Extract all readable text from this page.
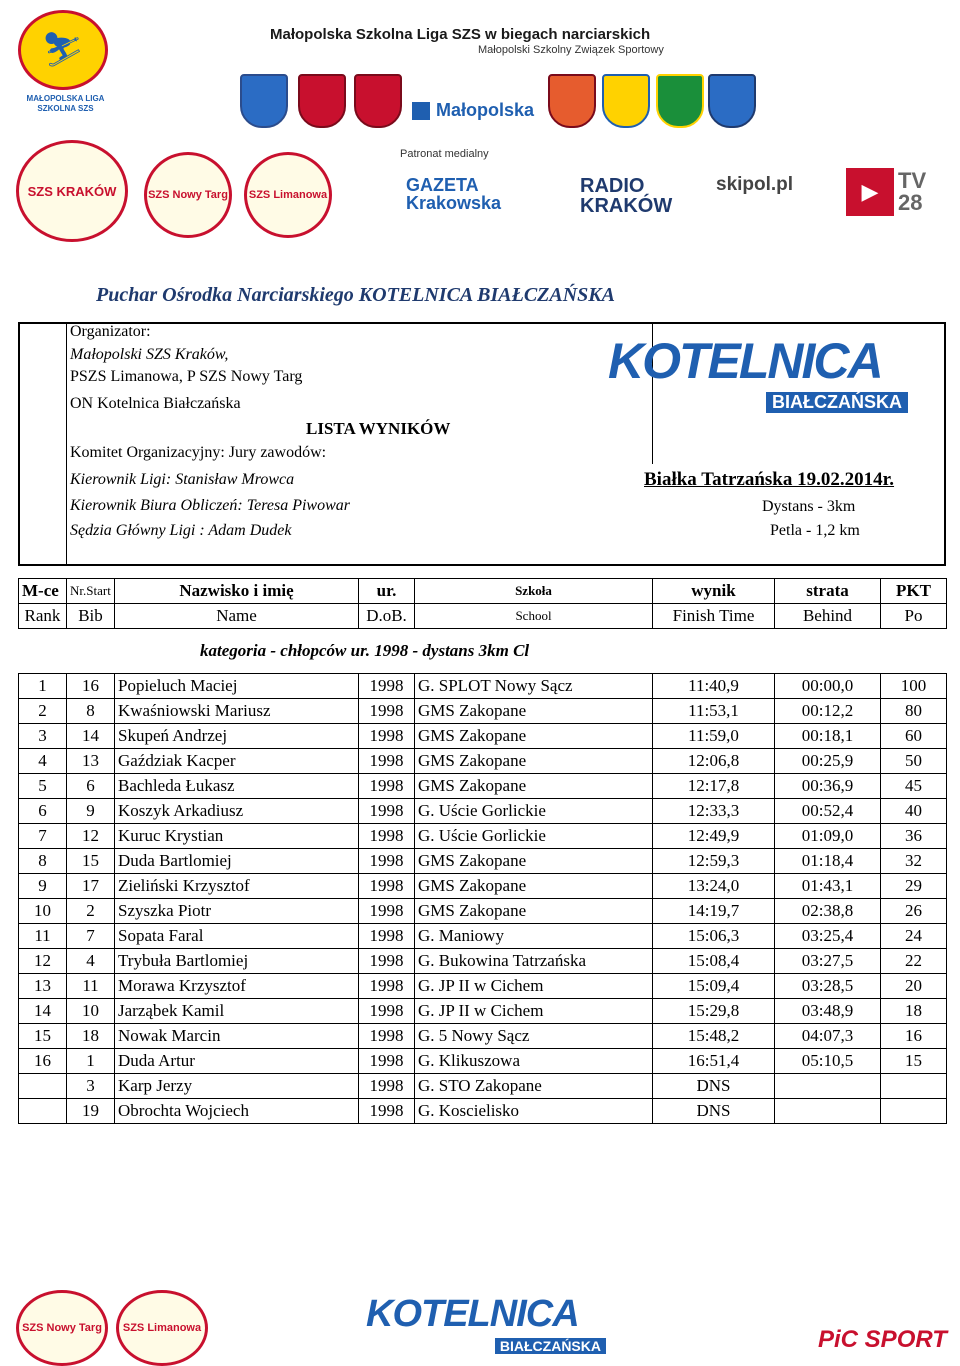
⛷
MAŁOPOLSKA LIGA SZKOLNA SZS
Małopolska Szkolna Liga SZS w biegach narciarskich
Małopolski Szkolny Związek Sportowy
Małopolska
SZS KRAKÓW	SZS Nowy Targ SZS Limanowa
Patronat medialny
GAZETA Krakowska
RADIO KRAKÓW
skipol.pl	▶ TV 28
Puchar Ośrodka Narciarskiego KOTELNICA BIAŁCZAŃSKA
Organizator:
Małopolski SZS Kraków,
PSZS Limanowa, P SZS Nowy Targ
ON Kotelnica Białczańska
LISTA WYNIKÓW
Komitet Organizacyjny: Jury zawodów:
Kierownik Ligi: Stanisław Mrowca
Kierownik Biura Obliczeń: Teresa Piwowar
Sędzia Główny Ligi : Adam Dudek
KOTELNICA
BIAŁCZAŃSKA
Białka Tatrzańska 19.02.2014r.
Dystans - 3km
Petla - 1,2 km
M-ce	Nr.Start	Nazwisko i imię	ur.	Szkoła	wynik	strata	PKT
Rank	Bib	Name	D.oB.	School	Finish Time	Behind	Po
kategoria - chłopców ur. 1998 - dystans 3km Cl
1	16	Popieluch Maciej	1998	G. SPLOT Nowy Sącz	11:40,9	00:00,0	100
2	8	Kwaśniowski Mariusz	1998	GMS Zakopane	11:53,1	00:12,2	80
3	14	Skupeń Andrzej	1998	GMS Zakopane	11:59,0	00:18,1	60
4	13	Gaździak Kacper	1998	GMS Zakopane	12:06,8	00:25,9	50
5	6	Bachleda Łukasz	1998	GMS Zakopane	12:17,8	00:36,9	45
6	9	Koszyk Arkadiusz	1998	G. Uście Gorlickie	12:33,3	00:52,4	40
7	12	Kuruc Krystian	1998	G. Uście Gorlickie	12:49,9	01:09,0	36
8	15	Duda Bartlomiej	1998	GMS Zakopane	12:59,3	01:18,4	32
9	17	Zieliński Krzysztof	1998	GMS Zakopane	13:24,0	01:43,1	29
10	2	Szyszka Piotr	1998	GMS Zakopane	14:19,7	02:38,8	26
11	7	Sopata Faral	1998	G. Maniowy	15:06,3	03:25,4	24
12	4	Trybuła Bartlomiej	1998	G. Bukowina Tatrzańska	15:08,4	03:27,5	22
13	11	Morawa Krzysztof	1998	G. JP II w Cichem	15:09,4	03:28,5	20
14	10	Jarząbek Kamil	1998	G. JP II w Cichem	15:29,8	03:48,9	18
15	18	Nowak Marcin	1998	G. 5 Nowy Sącz	15:48,2	04:07,3	16
16	1	Duda Artur	1998	G. Klikuszowa	16:51,4	05:10,5	15
	3	Karp Jerzy	1998	G. STO Zakopane	DNS		
	19	Obrochta Wojciech	1998	G. Koscielisko	DNS		
SZS Nowy Targ SZS Limanowa	KOTELNICA
BIAŁCZAŃSKA	PiC SPORT
